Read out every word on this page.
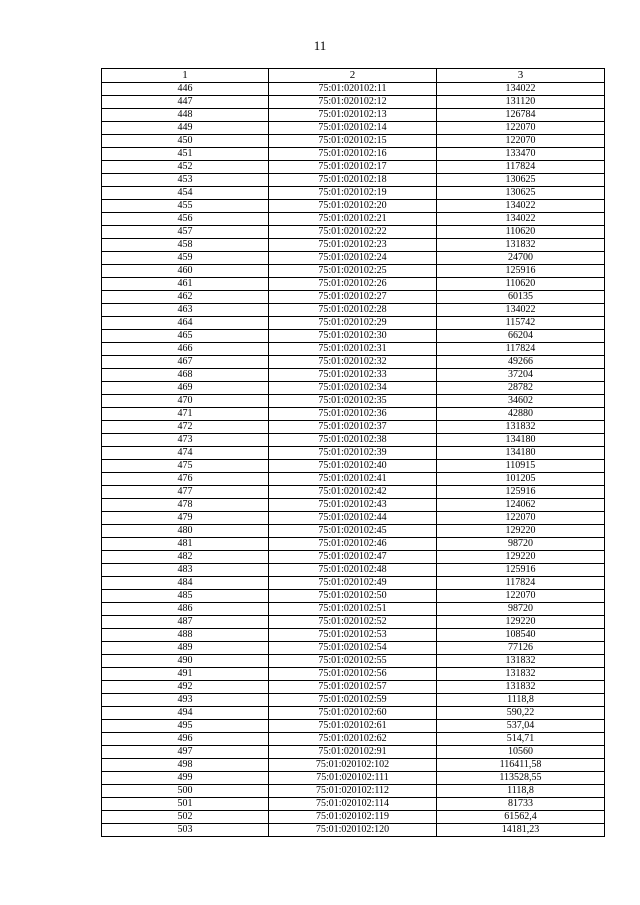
11
1	2	3
446	75:01:020102:11	134022
447	75:01:020102:12	131120
448	75:01:020102:13	126784
449	75:01:020102:14	122070
450	75:01:020102:15	122070
451	75:01:020102:16	133470
452	75:01:020102:17	117824
453	75:01:020102:18	130625
454	75:01:020102:19	130625
455	75:01:020102:20	134022
456	75:01:020102:21	134022
457	75:01:020102:22	110620
458	75:01:020102:23	131832
459	75:01:020102:24	24700
460	75:01:020102:25	125916
461	75:01:020102:26	110620
462	75:01:020102:27	60135
463	75:01:020102:28	134022
464	75:01:020102:29	115742
465	75:01:020102:30	66204
466	75:01:020102:31	117824
467	75:01:020102:32	49266
468	75:01:020102:33	37204
469	75:01:020102:34	28782
470	75:01:020102:35	34602
471	75:01:020102:36	42880
472	75:01:020102:37	131832
473	75:01:020102:38	134180
474	75:01:020102:39	134180
475	75:01:020102:40	110915
476	75:01:020102:41	101205
477	75:01:020102:42	125916
478	75:01:020102:43	124062
479	75:01:020102:44	122070
480	75:01:020102:45	129220
481	75:01:020102:46	98720
482	75:01:020102:47	129220
483	75:01:020102:48	125916
484	75:01:020102:49	117824
485	75:01:020102:50	122070
486	75:01:020102:51	98720
487	75:01:020102:52	129220
488	75:01:020102:53	108540
489	75:01:020102:54	77126
490	75:01:020102:55	131832
491	75:01:020102:56	131832
492	75:01:020102:57	131832
493	75:01:020102:59	1118,8
494	75:01:020102:60	590,22
495	75:01:020102:61	537,04
496	75:01:020102:62	514,71
497	75:01:020102:91	10560
498	75:01:020102:102	116411,58
499	75:01:020102:111	113528,55
500	75:01:020102:112	1118,8
501	75:01:020102:114	81733
502	75:01:020102:119	61562,4
503	75:01:020102:120	14181,23
